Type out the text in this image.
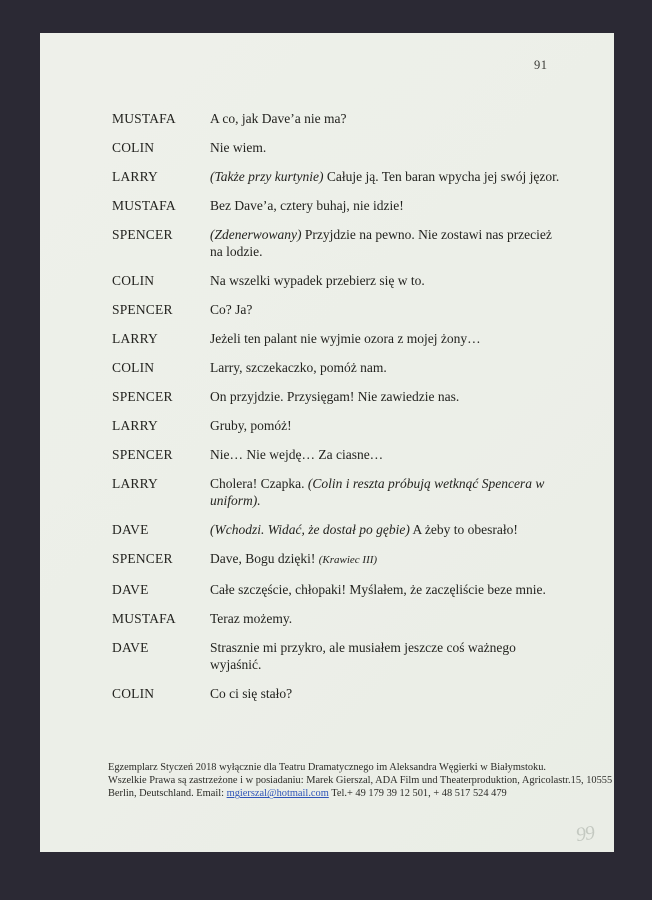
91
MUSTAFA	A co, jak Dave’a nie ma?
COLIN	Nie wiem.
LARRY	(Także przy kurtynie) Całuje ją. Ten baran wpycha jej swój jęzor.
MUSTAFA	Bez Dave’a, cztery buhaj, nie idzie!
SPENCER	(Zdenerwowany) Przyjdzie na pewno. Nie zostawi nas przecież na lodzie.
COLIN	Na wszelki wypadek przebierz się w to.
SPENCER	Co? Ja?
LARRY	Jeżeli ten palant nie wyjmie ozora z mojej żony…
COLIN	Larry, szczekaczko, pomóż nam.
SPENCER	On przyjdzie. Przysięgam! Nie zawiedzie nas.
LARRY	Gruby, pomóż!
SPENCER	Nie… Nie wejdę… Za ciasne…
LARRY	Cholera! Czapka. (Colin i reszta próbują wetknąć Spencera w uniform).
DAVE	(Wchodzi. Widać, że dostał po gębie) A żeby to obesrało!
SPENCER	Dave, Bogu dzięki! (Krawiec III)
DAVE	Całe szczęście, chłopaki! Myślałem, że zaczęliście beze mnie.
MUSTAFA	Teraz możemy.
DAVE	Strasznie mi przykro, ale musiałem jeszcze coś ważnego wyjaśnić.
COLIN	Co ci się stało?
Egzemplarz Styczeń 2018 wyłącznie dla Teatru Dramatycznego im Aleksandra Węgierki w Białymstoku.
Wszelkie Prawa są zastrzeżone i w posiadaniu: Marek Gierszal, ADA Film und Theaterproduktion, Agricolastr.15, 10555
Berlin, Deutschland. Email: mgierszal@hotmail.com Tel.+ 49 179 39 12 501, + 48 517 524 479
99
